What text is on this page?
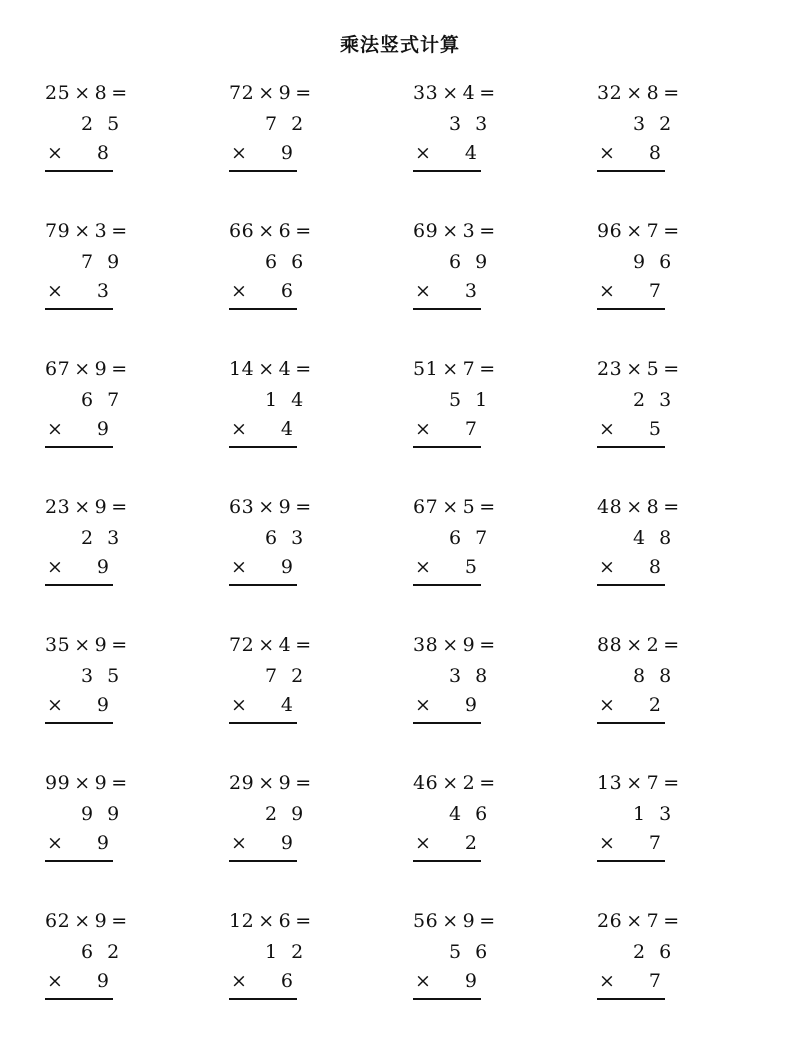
乘法竖式计算
25 × 8 =
2 5
× 8
72 × 9 =
7 2
× 9
33 × 4 =
3 3
× 4
32 × 8 =
3 2
× 8
79 × 3 =
7 9
× 3
66 × 6 =
6 6
× 6
69 × 3 =
6 9
× 3
96 × 7 =
9 6
× 7
67 × 9 =
6 7
× 9
14 × 4 =
1 4
× 4
51 × 7 =
5 1
× 7
23 × 5 =
2 3
× 5
23 × 9 =
2 3
× 9
63 × 9 =
6 3
× 9
67 × 5 =
6 7
× 5
48 × 8 =
4 8
× 8
35 × 9 =
3 5
× 9
72 × 4 =
7 2
× 4
38 × 9 =
3 8
× 9
88 × 2 =
8 8
× 2
99 × 9 =
9 9
× 9
29 × 9 =
2 9
× 9
46 × 2 =
4 6
× 2
13 × 7 =
1 3
× 7
62 × 9 =
6 2
× 9
12 × 6 =
1 2
× 6
56 × 9 =
5 6
× 9
26 × 7 =
2 6
× 7
